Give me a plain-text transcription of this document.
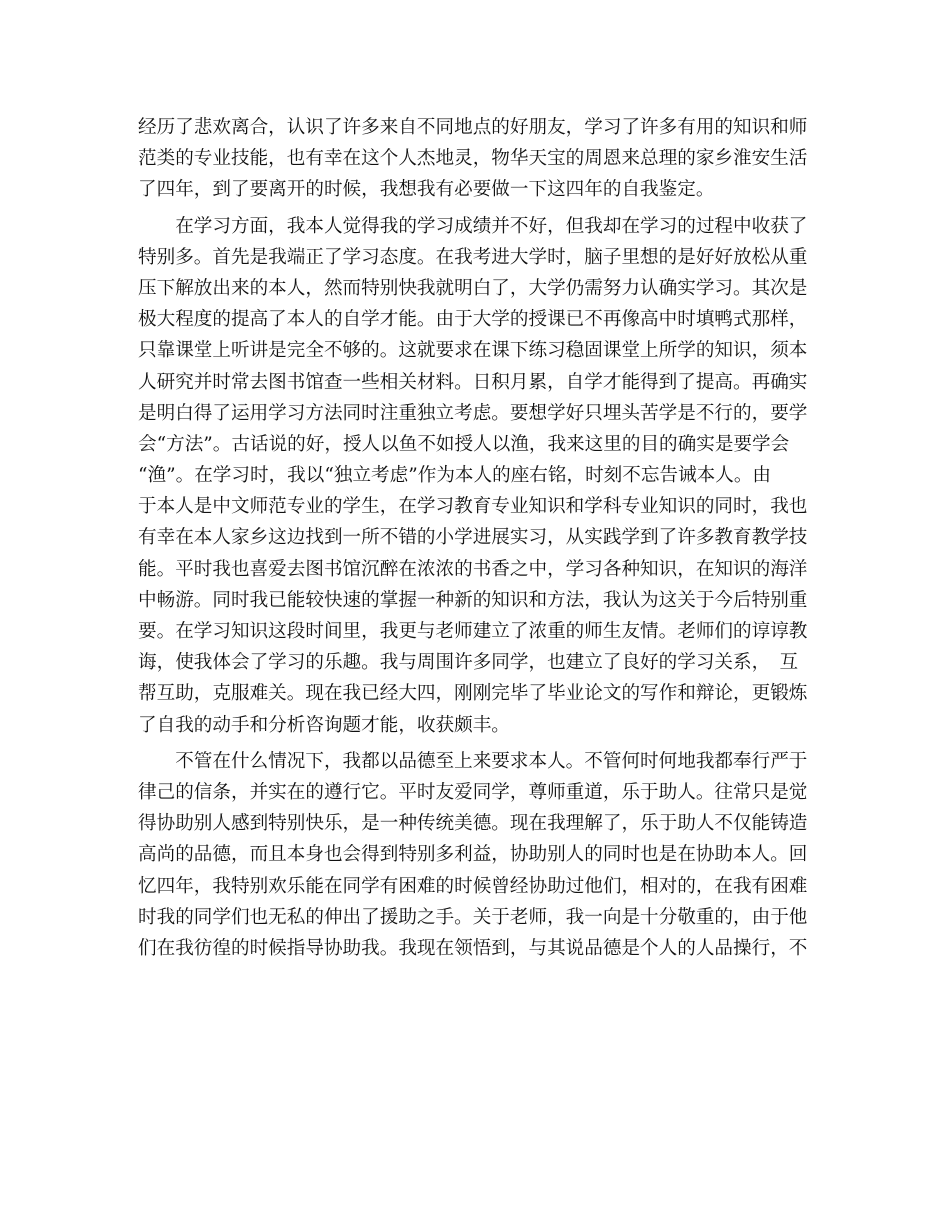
经历了悲欢离合，认识了许多来自不同地点的好朋友，学习了许多有用的知识和师
范类的专业技能，也有幸在这个人杰地灵，物华天宝的周恩来总理的家乡淮安生活
了四年，到了要离开的时候，我想我有必要做一下这四年的自我鉴定。
　　在学习方面，我本人觉得我的学习成绩并不好，但我却在学习的过程中收获了
特别多。首先是我端正了学习态度。在我考进大学时，脑子里想的是好好放松从重
压下解放出来的本人，然而特别快我就明白了，大学仍需努力认确实学习。其次是
极大程度的提高了本人的自学才能。由于大学的授课已不再像高中时填鸭式那样，
只靠课堂上听讲是完全不够的。这就要求在课下练习稳固课堂上所学的知识，须本
人研究并时常去图书馆查一些相关材料。日积月累，自学才能得到了提高。再确实
是明白得了运用学习方法同时注重独立考虑。要想学好只埋头苦学是不行的，要学
会“方法”。古话说的好，授人以鱼不如授人以渔，我来这里的目的确实是要学会
“渔”。在学习时，我以“独立考虑”作为本人的座右铭，时刻不忘告诫本人。由
于本人是中文师范专业的学生，在学习教育专业知识和学科专业知识的同时，我也
有幸在本人家乡这边找到一所不错的小学进展实习，从实践学到了许多教育教学技
能。平时我也喜爱去图书馆沉醉在浓浓的书香之中，学习各种知识，在知识的海洋
中畅游。同时我已能较快速的掌握一种新的知识和方法，我认为这关于今后特别重
要。在学习知识这段时间里，我更与老师建立了浓重的师生友情。老师们的谆谆教
诲，使我体会了学习的乐趣。我与周围许多同学，也建立了良好的学习关系，　互
帮互助，克服难关。现在我已经大四，刚刚完毕了毕业论文的写作和辩论，更锻炼
了自我的动手和分析咨询题才能，收获颇丰。
　　不管在什么情况下，我都以品德至上来要求本人。不管何时何地我都奉行严于
律己的信条，并实在的遵行它。平时友爱同学，尊师重道，乐于助人。往常只是觉
得协助别人感到特别快乐，是一种传统美德。现在我理解了，乐于助人不仅能铸造
高尚的品德，而且本身也会得到特别多利益，协助别人的同时也是在协助本人。回
忆四年，我特别欢乐能在同学有困难的时候曾经协助过他们，相对的，在我有困难
时我的同学们也无私的伸出了援助之手。关于老师，我一向是十分敬重的，由于他
们在我彷徨的时候指导协助我。我现在领悟到，与其说品德是个人的人品操行，不
